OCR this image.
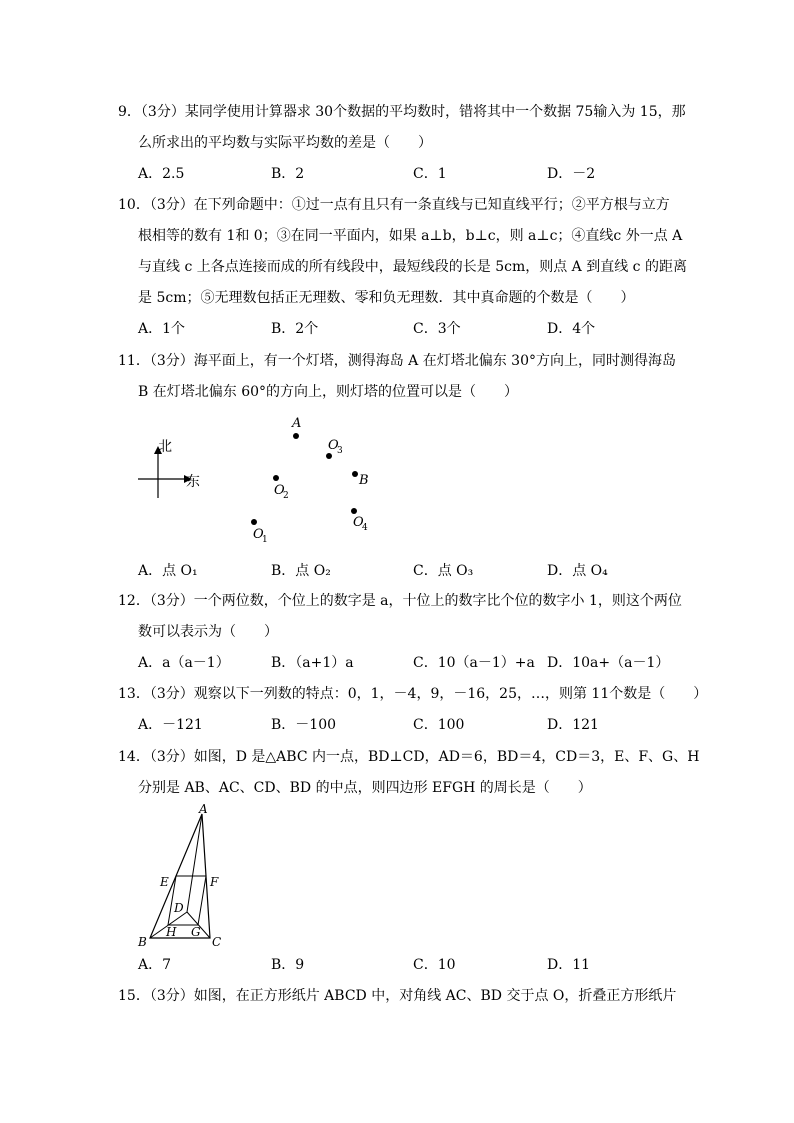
9．（3分）某同学使用计算器求 30个数据的平均数时，错将其中一个数据 75输入为 15，那
么所求出的平均数与实际平均数的差是（　　）
A．2.5	B．2	C．1	D．－2
10．（3分）在下列命题中：①过一点有且只有一条直线与已知直线平行；②平方根与立方
根相等的数有 1和 0；③在同一平面内，如果 a⊥b，b⊥c，则 a⊥c；④直线c 外一点 A
与直线 c 上各点连接而成的所有线段中，最短线段的长是 5cm，则点 A 到直线 c 的距离
是 5cm；⑤无理数包括正无理数、零和负无理数．其中真命题的个数是（　　）
A．1个	B．2个	C．3个	D．4个
11．（3分）海平面上，有一个灯塔，测得海岛 A 在灯塔北偏东 30°方向上，同时测得海岛
B 在灯塔北偏东 60°的方向上，则灯塔的位置可以是（　　）
北
东
A
O
3
B
O
2
O
4
O
1
A．点 O₁	B．点 O₂	C．点 O₃	D．点 O₄
12．（3分）一个两位数，个位上的数字是 a，十位上的数字比个位的数字小 1，则这个两位
数可以表示为（　　）
A．a（a－1）	B．（a+1）a	C．10（a－1）+a D．10a+（a－1）
13．（3分）观察以下一列数的特点：0，1，－4，9，－16，25，…，则第 11个数是（　　）
A．－121	B．－100	C．100	D．121
14．（3分）如图，D 是△ABC 内一点，BD⊥CD，AD＝6，BD＝4，CD＝3，E、F、G、H
分别是 AB、AC、CD、BD 的中点，则四边形 EFGH 的周长是（　　）
A
B	C
D
E	F
G
H
A．7	B．9	C．10	D．11
15．（3分）如图，在正方形纸片 ABCD 中，对角线 AC、BD 交于点 O，折叠正方形纸片
